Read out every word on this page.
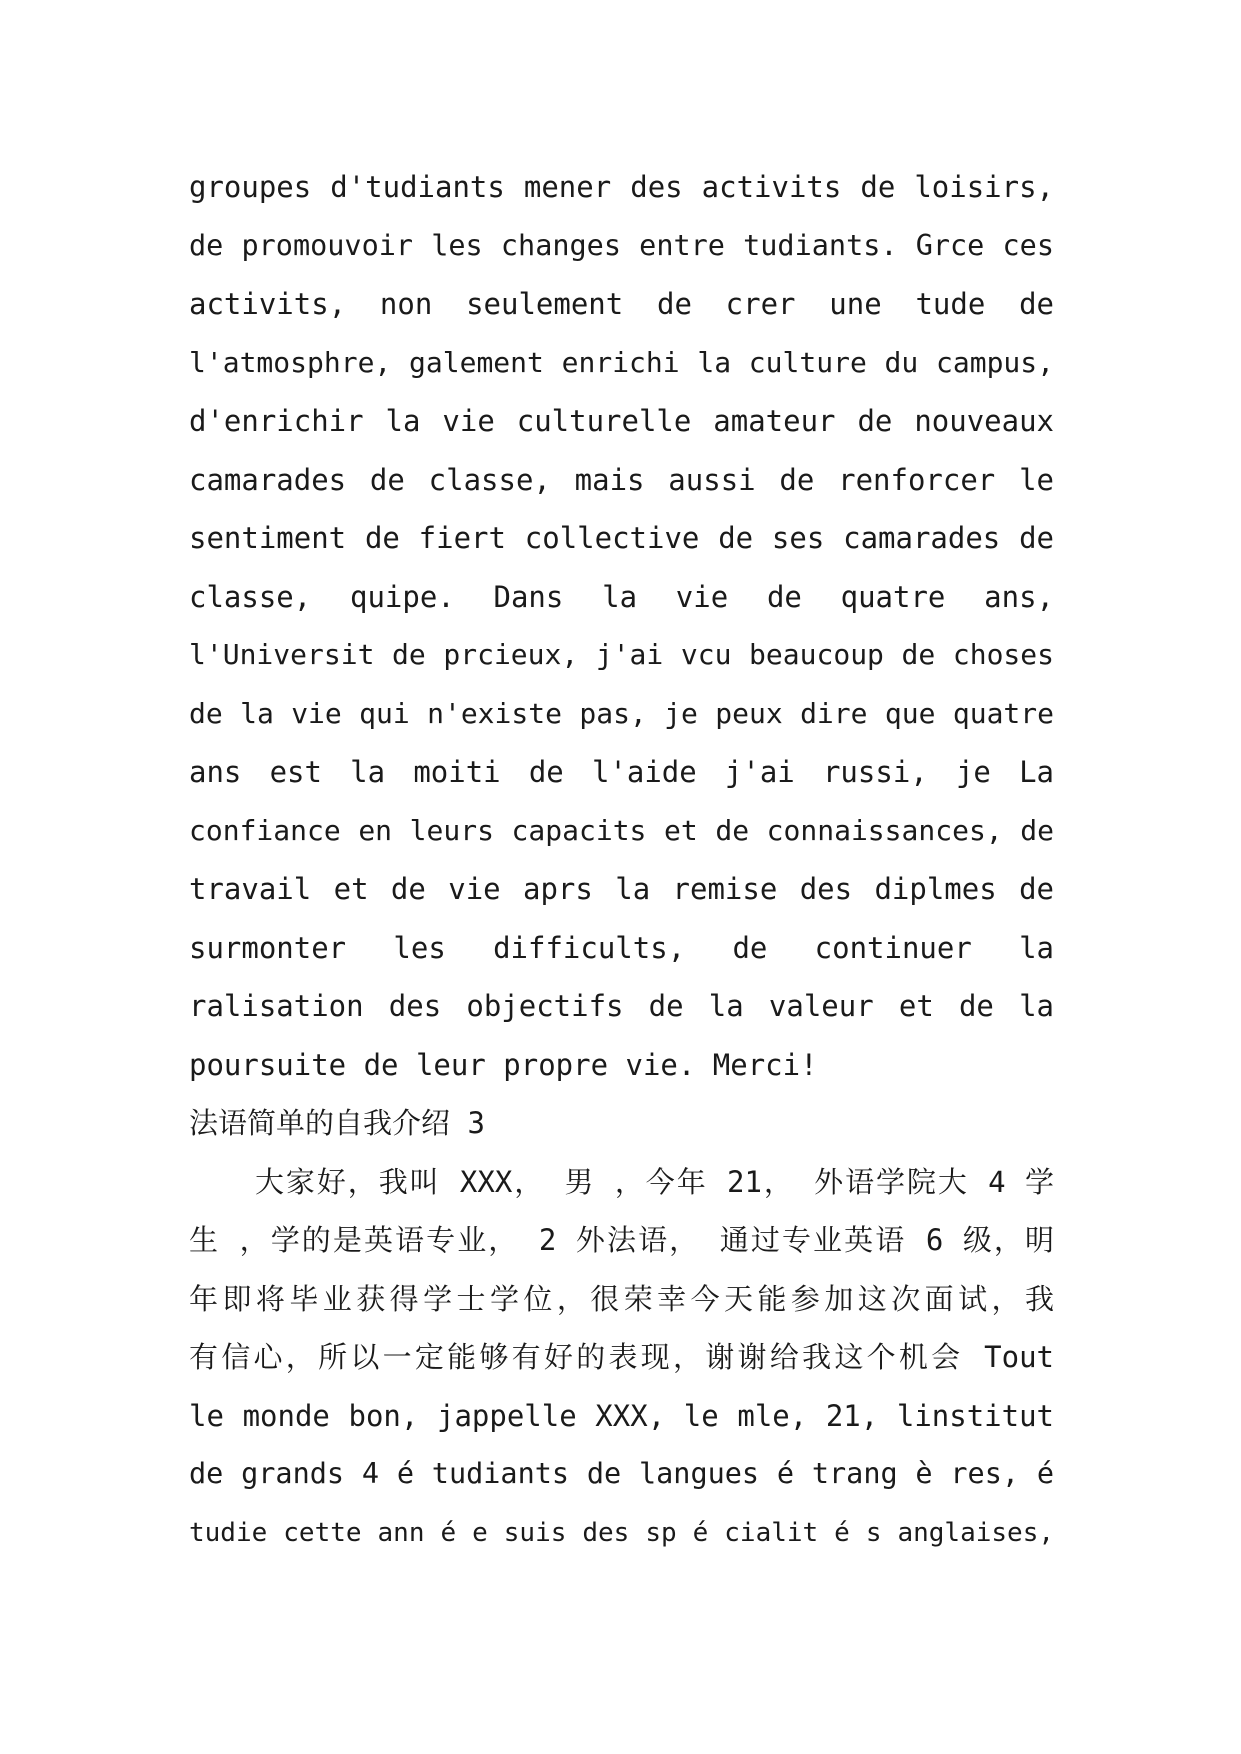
groupes d'tudiants mener des activits de loisirs,
de promouvoir les changes entre tudiants. Grce ces
activits, non seulement de crer une tude de
l'atmosphre, galement enrichi la culture du campus,
d'enrichir la vie culturelle amateur de nouveaux
camarades de classe, mais aussi de renforcer le
sentiment de fiert collective de ses camarades de
classe, quipe. Dans la vie de quatre ans,
l'Universit de prcieux, j'ai vcu beaucoup de choses
de la vie qui n'existe pas, je peux dire que quatre
ans est la moiti de l'aide j'ai russi, je La
confiance en leurs capacits et de connaissances, de
travail et de vie aprs la remise des diplmes de
surmonter les difficults, de continuer la
ralisation des objectifs de la valeur et de la
poursuite de leur propre vie. Merci!
法语简单的自我介绍 3
大家好，我叫 XXX， 男 ，今年 21， 外语学院大 4 学
生 ，学的是英语专业， 2 外法语， 通过专业英语 6 级，明
年即将毕业获得学士学位，很荣幸今天能参加这次面试，我
有信心，所以一定能够有好的表现，谢谢给我这个机会 Tout
le monde bon, jappelle XXX, le mle, 21, linstitut
de grands 4 é tudiants de langues é trang è res, é
tudie cette ann é e suis des sp é cialit é s anglaises,
